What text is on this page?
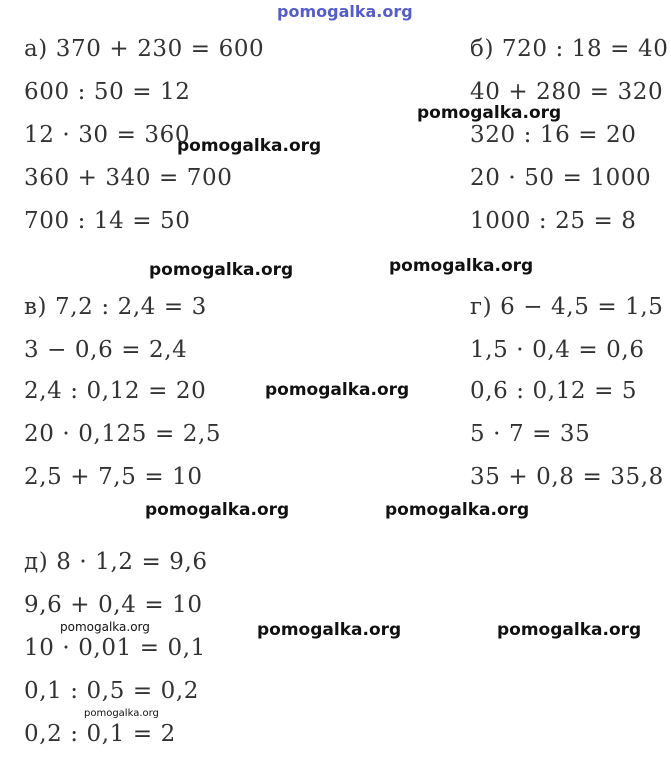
pomogalka.org
а) 370 + 230 = 600
600 : 50 = 12
12 · 30 = 360
360 + 340 = 700
700 : 14 = 50
б) 720 : 18 = 40
40 + 280 = 320
320 : 16 = 20
20 · 50 = 1000
1000 : 25 = 8
в) 7,2 : 2,4 = 3
3 − 0,6 = 2,4
2,4 : 0,12 = 20
20 · 0,125 = 2,5
2,5 + 7,5 = 10
г) 6 − 4,5 = 1,5
1,5 · 0,4 = 0,6
0,6 : 0,12 = 5
5 · 7 = 35
35 + 0,8 = 35,8
д) 8 · 1,2 = 9,6
9,6 + 0,4 = 10
10 · 0,01 = 0,1
0,1 : 0,5 = 0,2
0,2 : 0,1 = 2
pomogalka.org
pomogalka.org
pomogalka.org	pomogalka.org
pomogalka.org
pomogalka.org	pomogalka.org
pomogalka.org	pomogalka.org
pomogalka.org
pomogalka.org
